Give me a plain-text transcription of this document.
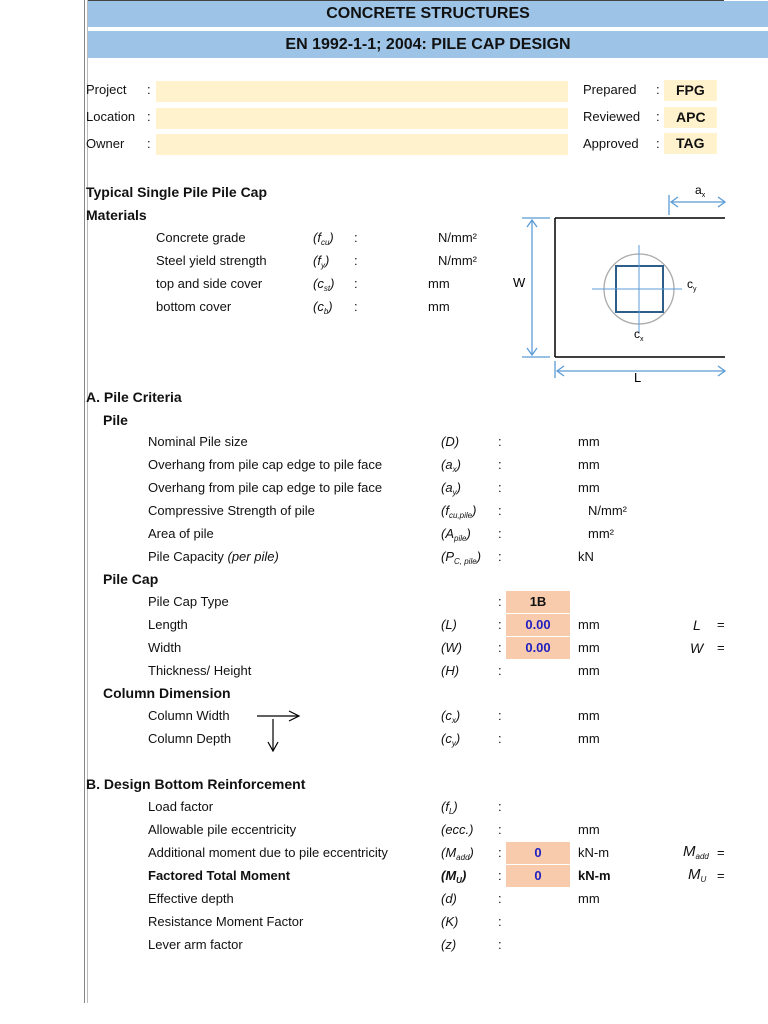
CONCRETE STRUCTURES
EN 1992-1-1; 2004: PILE CAP DESIGN
Project :
Location :
Owner :
Prepared :	FPG
Reviewed :	APC
Approved :	TAG
Typical Single Pile Pile Cap
Materials
Concrete grade	$(f_{cu})$ :	N/mm²
Steel yield strength	$(f_y)$ :	N/mm²
top and side cover	$(c_{st})$ :	mm
bottom cover	$(c_b)$ :	mm
$a_x$
W
L
$c_y$
$c_x$
A. Pile Criteria
Pile
Nominal Pile size	(D)	:	mm
Overhang from pile cap edge to pile face	$(a_x)$	:	mm
Overhang from pile cap edge to pile face	$(a_y)$	:	mm
Compressive Strength of pile	$(f_{cu,pile})$ :	N/mm²
Area of pile	$(A_{pile})$ :	mm²
Pile Capacity (per pile)	$(P_{C, pile})$ :	kN
Pile Cap
Pile Cap Type	:	1B
Length	(L)	:	0.00	mm	L =
Width	(W)	:	0.00	mm	W =
Thickness/ Height	(H)	:	mm
Column Dimension
Column Width	$(c_x)$	:	mm
Column Depth	$(c_y)$	:	mm
B. Design Bottom Reinforcement
Load factor	$(f_L)$	:
Allowable pile eccentricity	(ecc.) :	mm
Additional moment due to pile eccentricity	$(M_{add})$ :	0	kN-m	$M_{add}$ =
Factored Total Moment	$(M_U)$ :	0	kN-m	$M_U$ =
Effective depth	(d)	:	mm
Resistance Moment Factor	(K)	:
Lever arm factor	(z)	:
